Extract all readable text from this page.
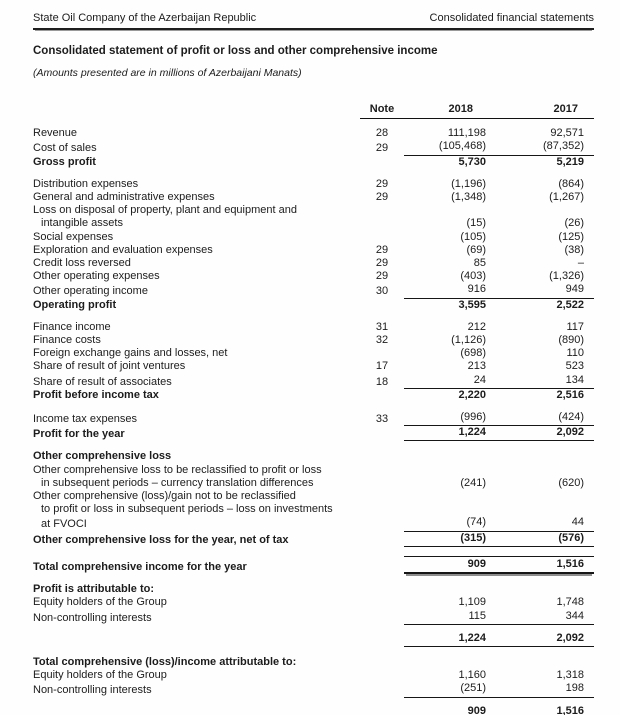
State Oil Company of the Azerbaijan Republic	Consolidated financial statements
Consolidated statement of profit or loss and other comprehensive income
(Amounts presented are in millions of Azerbaijani Manats)
Note	2018	2017
Revenue	28	111,198	92,571
Cost of sales	29	(105,468)	(87,352)
Gross profit	5,730	5,219
Distribution expenses	29	(1,196)	(864)
General and administrative expenses	29	(1,348)	(1,267)
Loss on disposal of property, plant and equipment and
intangible assets	(15)	(26)
Social expenses	(105)	(125)
Exploration and evaluation expenses	29	(69)	(38)
Credit loss reversed	29	85	–
Other operating expenses	29	(403)	(1,326)
Other operating income	30	916	949
Operating profit	3,595	2,522
Finance income	31	212	117
Finance costs	32	(1,126)	(890)
Foreign exchange gains and losses, net	(698)	110
Share of result of joint ventures	17	213	523
Share of result of associates	18	24	134
Profit before income tax	2,220	2,516
Income tax expenses	33	(996)	(424)
Profit for the year	1,224	2,092
Other comprehensive loss
Other comprehensive loss to be reclassified to profit or loss
in subsequent periods – currency translation differences	(241)	(620)
Other comprehensive (loss)/gain not to be reclassified
to profit or loss in subsequent periods – loss on investments
at FVOCI	(74)	44
Other comprehensive loss for the year, net of tax	(315)	(576)
Total comprehensive income for the year	909	1,516
Profit is attributable to:
Equity holders of the Group	1,109	1,748
Non-controlling interests	115	344
1,224	2,092
Total comprehensive (loss)/income attributable to:
Equity holders of the Group	1,160	1,318
Non-controlling interests	(251)	198
909	1,516
